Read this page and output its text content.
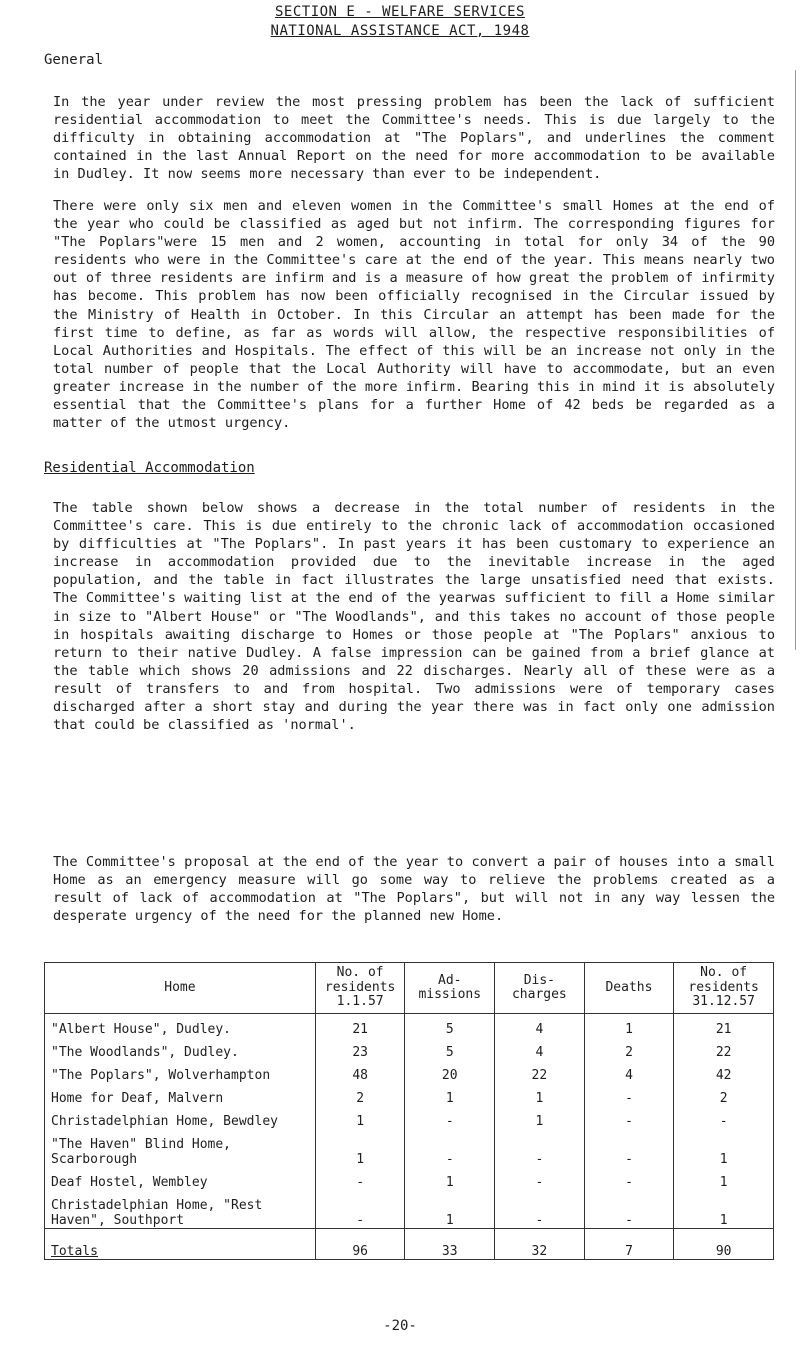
SECTION E - WELFARE SERVICES
NATIONAL ASSISTANCE ACT, 1948
General

In the year under review the most pressing problem has been the lack of sufficient residential accommodation to meet the Committee's needs. This is due largely to the difficulty in obtaining accommodation at "The Poplars", and underlines the comment contained in the last Annual Report on the need for more accommodation to be available in Dudley. It now seems more necessary than ever to be independent.

There were only six men and eleven women in the Committee's small Homes at the end of the year who could be classified as aged but not infirm. The corresponding figures for "The Poplars"were 15 men and 2 women, accounting in total for only 34 of the 90 residents who were in the Committee's care at the end of the year. This means nearly two out of three residents are infirm and is a measure of how great the problem of infirmity has become. This problem has now been officially recognised in the Circular issued by the Ministry of Health in October. In this Circular an attempt has been made for the first time to define, as far as words will allow, the respective responsibilities of Local Authorities and Hospitals. The effect of this will be an increase not only in the total number of people that the Local Authority will have to accommodate, but an even greater increase in the number of the more infirm. Bearing this in mind it is absolutely essential that the Committee's plans for a further Home of 42 beds be regarded as a matter of the utmost urgency.

Residential Accommodation

The table shown below shows a decrease in the total number of residents in the Committee's care. This is due entirely to the chronic lack of accommodation occasioned by difficulties at "The Poplars". In past years it has been customary to experience an increase in accommodation provided due to the inevitable increase in the aged population, and the table in fact illustrates the large unsatisfied need that exists. The Committee's waiting list at the end of the yearwas sufficient to fill a Home similar in size to "Albert House" or "The Woodlands", and this takes no account of those people in hospitals awaiting discharge to Homes or those people at "The Poplars" anxious to return to their native Dudley. A false impression can be gained from a brief glance at the table which shows 20 admissions and 22 discharges. Nearly all of these were as a result of transfers to and from hospital. Two admissions were of temporary cases discharged after a short stay and during the year there was in fact only one admission that could be classified as 'normal'.

The Committee's proposal at the end of the year to convert a pair of houses into a small Home as an emergency measure will go some way to relieve the problems created as a result of lack of accommodation at "The Poplars", but will not in any way lessen the desperate urgency of the need for the planned new Home.

Home	No. of residents 1.1.57	Ad- missions	Dis- charges	Deaths	No. of residents 31.12.57
"Albert House", Dudley.	21	5	4	1	21
"The Woodlands", Dudley.	23	5	4	2	22
"The Poplars", Wolverhampton	48	20	22	4	42
Home for Deaf, Malvern	2	1	1	-	2
Christadelphian Home, Bewdley	1	-	1	-	-
"The Haven" Blind Home, Scarborough	1	-	-	-	1
Deaf Hostel, Wembley	-	1	-	-	1
Christadelphian Home, "Rest Haven", Southport	-	1	-	-	1
Totals	96	33	32	7	90
-20-
